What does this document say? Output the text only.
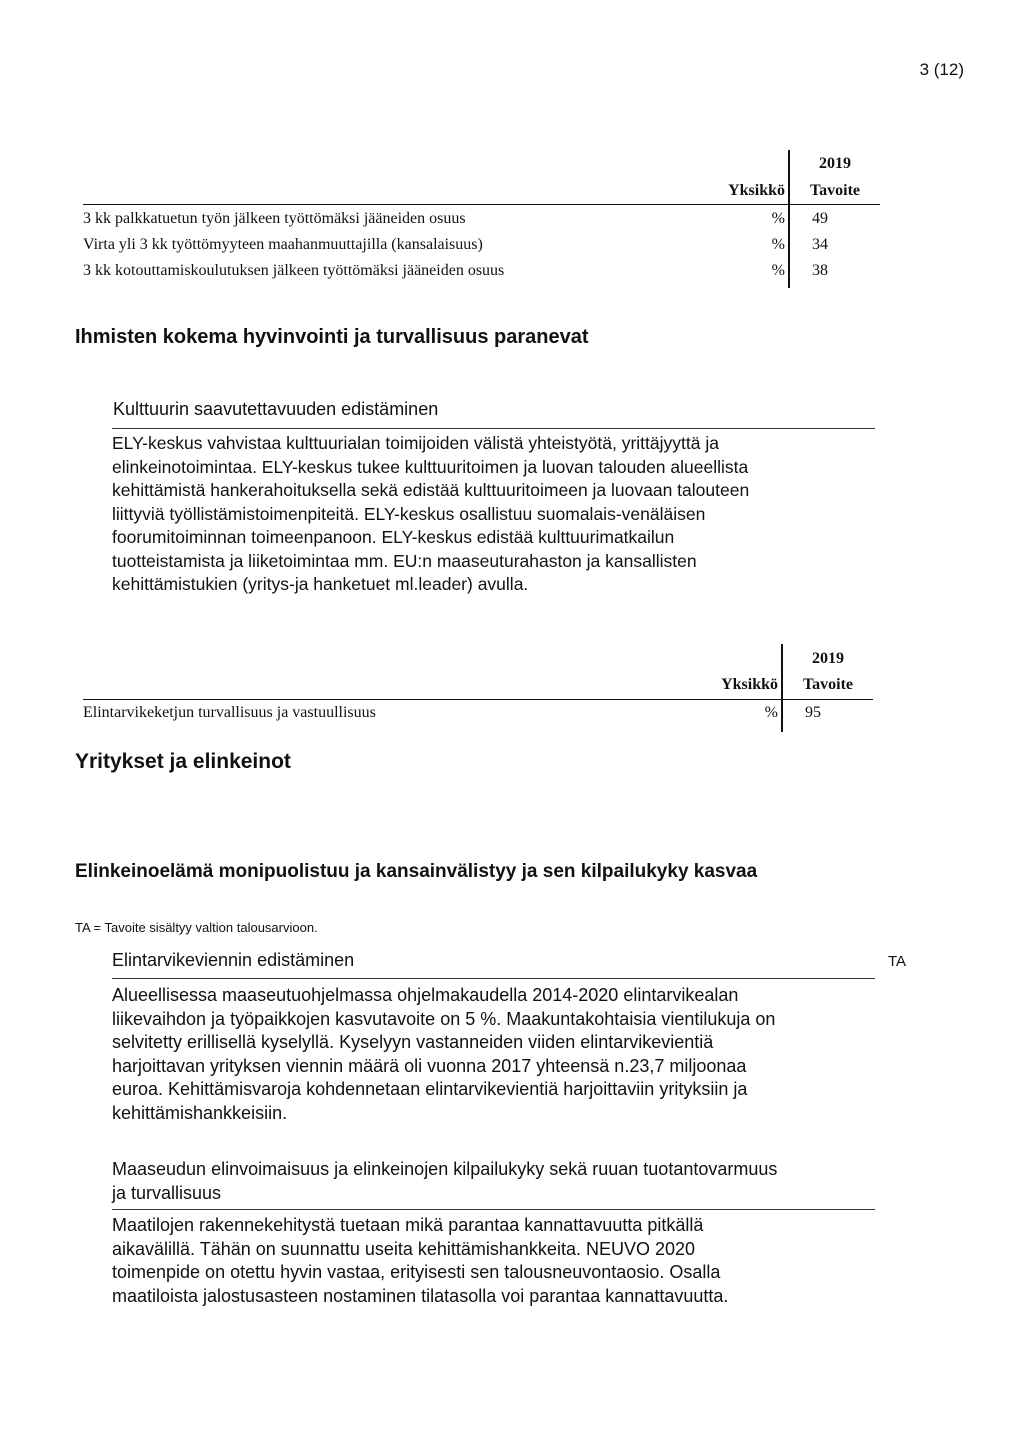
3 (12)
2019
Yksikkö	Tavoite
3 kk palkkatuetun työn jälkeen työttömäksi jääneiden osuus	%	49
Virta yli 3 kk työttömyyteen maahanmuuttajilla (kansalaisuus)	%	34
3 kk kotouttamiskoulutuksen jälkeen työttömäksi jääneiden osuus	%	38
Ihmisten kokema hyvinvointi ja turvallisuus paranevat
Kulttuurin saavutettavuuden edistäminen
ELY-keskus vahvistaa kulttuurialan toimijoiden välistä yhteistyötä, yrittäjyyttä ja
elinkeinotoimintaa. ELY-keskus tukee kulttuuritoimen ja luovan talouden alueellista
kehittämistä hankerahoituksella sekä edistää kulttuuritoimeen ja luovaan talouteen
liittyviä työllistämistoimenpiteitä. ELY-keskus osallistuu suomalais-venäläisen
foorumitoiminnan toimeenpanoon. ELY-keskus edistää kulttuurimatkailun
tuotteistamista ja liiketoimintaa mm. EU:n maaseuturahaston ja kansallisten
kehittämistukien (yritys-ja hanketuet ml.leader) avulla.
2019
Yksikkö	Tavoite
Elintarvikeketjun turvallisuus ja vastuullisuus	%	95
Yritykset ja elinkeinot
Elinkeinoelämä monipuolistuu ja kansainvälistyy ja sen kilpailukyky kasvaa
TA = Tavoite sisältyy valtion talousarvioon.
Elintarvikeviennin edistäminen	TA
Alueellisessa maaseutuohjelmassa ohjelmakaudella 2014-2020 elintarvikealan
liikevaihdon ja työpaikkojen kasvutavoite on 5 %. Maakuntakohtaisia vientilukuja on
selvitetty erillisellä kyselyllä. Kyselyyn vastanneiden viiden elintarvikevientiä
harjoittavan yrityksen viennin määrä oli vuonna 2017 yhteensä n.23,7 miljoonaa
euroa. Kehittämisvaroja kohdennetaan elintarvikevientiä harjoittaviin yrityksiin ja
kehittämishankkeisiin.
Maaseudun elinvoimaisuus ja elinkeinojen kilpailukyky sekä ruuan tuotantovarmuus
ja turvallisuus
Maatilojen rakennekehitystä tuetaan mikä parantaa kannattavuutta pitkällä
aikavälillä. Tähän on suunnattu useita kehittämishankkeita. NEUVO 2020
toimenpide on otettu hyvin vastaa, erityisesti sen talousneuvontaosio. Osalla
maatiloista jalostusasteen nostaminen tilatasolla voi parantaa kannattavuutta.
